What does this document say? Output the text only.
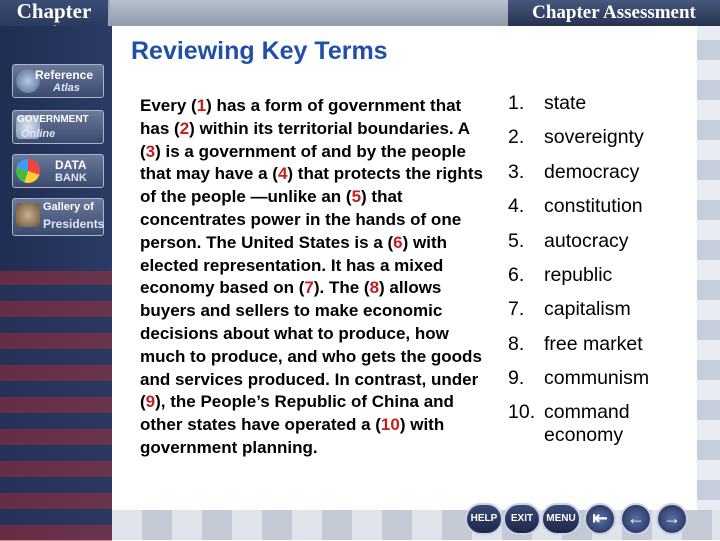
Chapter	Chapter Assessment
Reference
Atlas
GOVERNMENT
Online
DATA
BANK
Gallery of
Presidents
Reviewing Key Terms
Every (1) has a form of government that has (2) within its territorial boundaries. A (3) is a government of and by the people that may have a (4) that protects the rights of the people —unlike an (5) that concentrates power in the hands of one person. The United States is a (6) with elected representation. It has a mixed economy based on (7). The (8) allows buyers and sellers to make economic decisions about what to produce, how much to produce, and who gets the goods and services produced. In contrast, under (9), the People’s Republic of China and other states have operated a (10) with government planning.
1. state
2. sovereignty
3. democracy
4. constitution
5. autocracy
6. republic
7. capitalism
8. free market
9. communism
10. command
economy
HELP	EXIT	MENU ⇤	←	→
